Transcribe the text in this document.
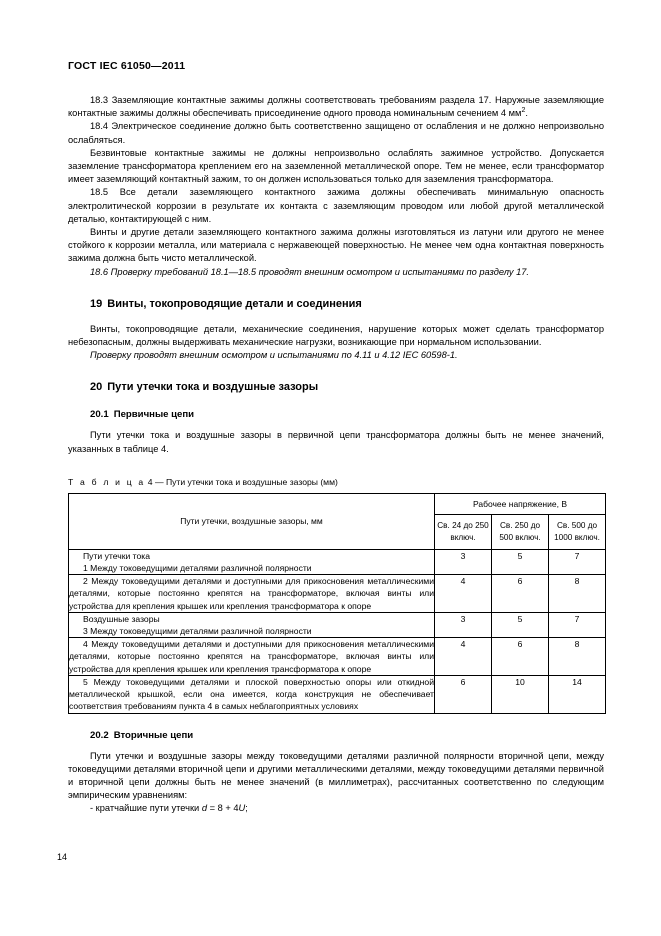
ГОСТ IEC 61050—2011

18.3 Заземляющие контактные зажимы должны соответствовать требованиям раздела 17. Наружные заземляющие контактные зажимы должны обеспечивать присоединение одного провода номинальным сечением 4 $мм^2$.

18.4 Электрическое соединение должно быть соответственно защищено от ослабления и не должно непроизвольно ослабляться.

Безвинтовые контактные зажимы не должны непроизвольно ослаблять зажимное устройство. Допускается заземление трансформатора креплением его на заземленной металлической опоре. Тем не менее, если трансформатор имеет заземляющий контактный зажим, то он должен использоваться только для заземления трансформатора.

18.5 Все детали заземляющего контактного зажима должны обеспечивать минимальную опасность электролитической коррозии в результате их контакта с заземляющим проводом или любой другой металлической деталью, контактирующей с ним.

Винты и другие детали заземляющего контактного зажима должны изготовляться из латуни или другого не менее стойкого к коррозии металла, или материала с нержавеющей поверхностью. Не менее чем одна контактная поверхность зажима должна быть чисто металлической.

18.6 Проверку требований 18.1—18.5 проводят внешним осмотром и испытаниями по разделу 17.

19 Винты, токопроводящие детали и соединения

Винты, токопроводящие детали, механические соединения, нарушение которых может сделать трансформатор небезопасным, должны выдерживать механические нагрузки, возникающие при нормальном использовании.

Проверку проводят внешним осмотром и испытаниями по 4.11 и 4.12 IEC 60598-1.

20 Пути утечки тока и воздушные зазоры
20.1 Первичные цепи

Пути утечки тока и воздушные зазоры в первичной цепи трансформатора должны быть не менее значений, указанных в таблице 4.

Т а б л и ц а 4 — Пути утечки тока и воздушные зазоры (мм)
Пути утечки, воздушные зазоры, мм	Рабочее напряжение, В		
	Св. 24 до 250 включ.	Св. 250 до 500 включ.	Св. 500 до 1000 включ.

Пути утечки тока
1 Между токоведущими деталями различной полярности	3	5	7

2 Между токоведущими деталями и доступными для прикосновения металлическими деталями, которые постоянно крепятся на трансформаторе, включая винты или устройства для крепления крышек или крепления трансформатора к опоре	4	6	8

Воздушные зазоры
3 Между токоведущими деталями различной полярности	3	5	7

4 Между токоведущими деталями и доступными для прикосновения металлическими деталями, которые постоянно крепятся на трансформаторе, включая винты или устройства для крепления крышек или крепления трансформатора к опоре	4	6	8

5 Между токоведущими деталями и плоской поверхностью опоры или откидной металлической крышкой, если она имеется, когда конструкция не обеспечивает соответствия требованиям пункта 4 в самых неблагоприятных условиях	6	10	14
20.2 Вторичные цепи

Пути утечки и воздушные зазоры между токоведущими деталями различной полярности вторичной цепи, между токоведущими деталями вторичной цепи и другими металлическими деталями, между токоведущими деталями первичной и вторичной цепи должны быть не менее значений (в миллиметрах), рассчитанных соответственно по следующим эмпирическим уравнениям:

- кратчайшие пути утечки d = 8 + 4U;

14
